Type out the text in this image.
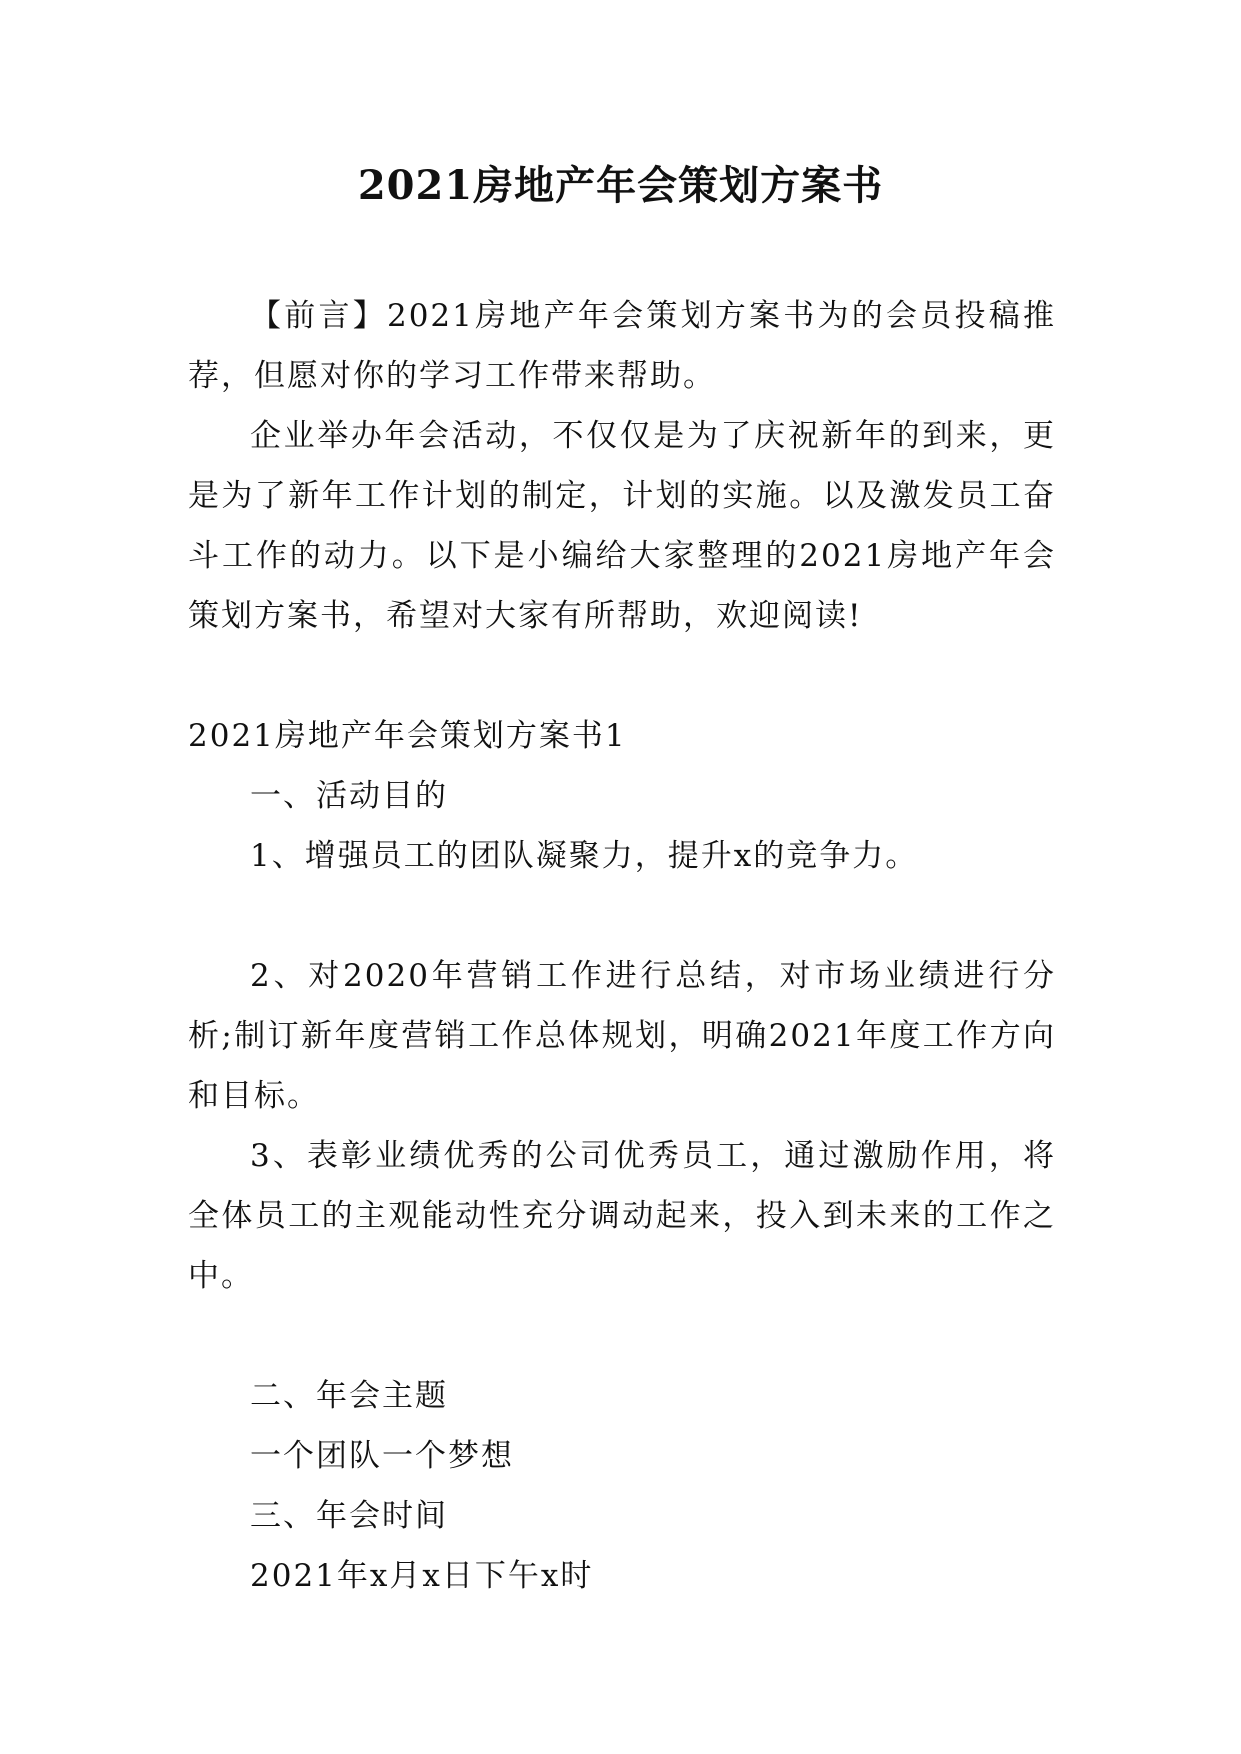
2021房地产年会策划方案书

【前言】2021房地产年会策划方案书为的会员投稿推荐，但愿对你的学习工作带来帮助。

企业举办年会活动，不仅仅是为了庆祝新年的到来，更是为了新年工作计划的制定，计划的实施。以及激发员工奋斗工作的动力。以下是小编给大家整理的2021房地产年会策划方案书，希望对大家有所帮助，欢迎阅读!

2021房地产年会策划方案书1

一、活动目的

1、增强员工的团队凝聚力，提升x的竞争力。

2、对2020年营销工作进行总结，对市场业绩进行分析;制订新年度营销工作总体规划，明确2021年度工作方向和目标。

3、表彰业绩优秀的公司优秀员工，通过激励作用，将全体员工的主观能动性充分调动起来，投入到未来的工作之中。

二、年会主题

一个团队一个梦想

三、年会时间

2021年x月x日下午x时
